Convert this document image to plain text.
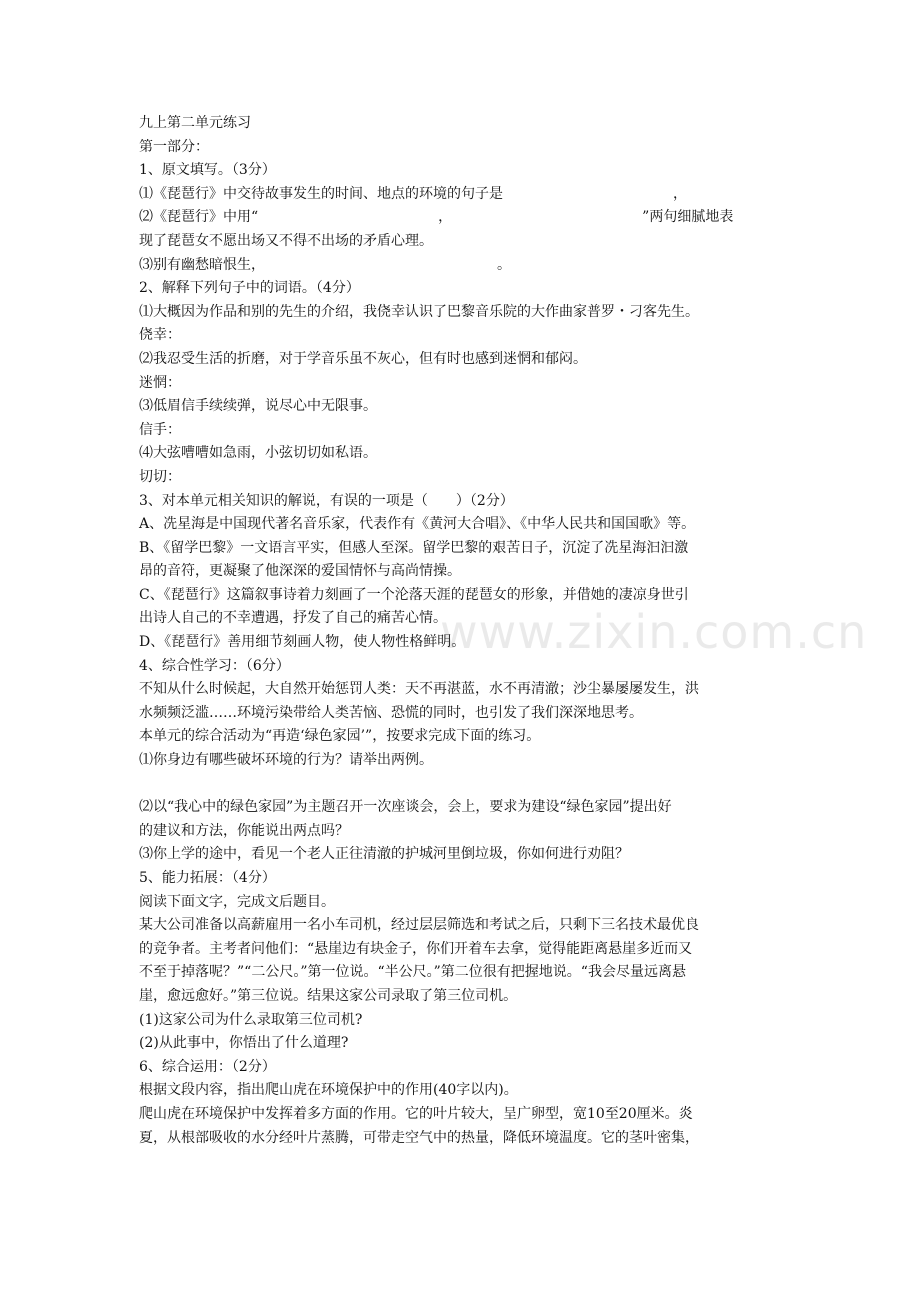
www.zixin.com.cn
九上第二单元练习
第一部分：
1、原文填写。（3分）
⑴《琵琶行》中交待故事发生的时间、地点的环境的句子是	，
⑵《琵琶行》中用“	，	”两句细腻地表
现了琵琶女不愿出场又不得不出场的矛盾心理。
⑶别有幽愁暗恨生，	。
2、解释下列句子中的词语。（4分）
⑴大概因为作品和别的先生的介绍，我侥幸认识了巴黎音乐院的大作曲家普罗・刁客先生。
侥幸：
⑵我忍受生活的折磨，对于学音乐虽不灰心，但有时也感到迷惘和郁闷。
迷惘：
⑶低眉信手续续弹，说尽心中无限事。
信手：
⑷大弦嘈嘈如急雨，小弦切切如私语。
切切：
3、对本单元相关知识的解说，有误的一项是（　　）（2分）
A、冼星海是中国现代著名音乐家，代表作有《黄河大合唱》、《中华人民共和国国歌》等。
B、《留学巴黎》一文语言平实，但感人至深。留学巴黎的艰苦日子，沉淀了冼星海汩汩激
昂的音符，更凝聚了他深深的爱国情怀与高尚情操。
C、《琵琶行》这篇叙事诗着力刻画了一个沦落天涯的琵琶女的形象，并借她的凄凉身世引
出诗人自己的不幸遭遇，抒发了自己的痛苦心情。
D、《琵琶行》善用细节刻画人物，使人物性格鲜明。
4、综合性学习：（6分）
不知从什么时候起，大自然开始惩罚人类：天不再湛蓝，水不再清澈；沙尘暴屡屡发生，洪
水频频泛滥……环境污染带给人类苦恼、恐慌的同时，也引发了我们深深地思考。
本单元的综合活动为“再造‘绿色家园’”，按要求完成下面的练习。
⑴你身边有哪些破坏环境的行为？请举出两例。
⑵以“我心中的绿色家园”为主题召开一次座谈会，会上，要求为建设“绿色家园”提出好
的建议和方法，你能说出两点吗？
⑶你上学的途中，看见一个老人正往清澈的护城河里倒垃圾，你如何进行劝阻？
5、能力拓展：（4分）
阅读下面文字，完成文后题目。
某大公司准备以高薪雇用一名小车司机，经过层层筛选和考试之后，只剩下三名技术最优良
的竞争者。主考者问他们：“悬崖边有块金子，你们开着车去拿，觉得能距离悬崖多近而又
不至于掉落呢？”“二公尺。”第一位说。“半公尺。”第二位很有把握地说。“我会尽量远离悬
崖，愈远愈好。”第三位说。结果这家公司录取了第三位司机。
(1)这家公司为什么录取第三位司机?
(2)从此事中，你悟出了什么道理?
6、综合运用：（2分）
根据文段内容，指出爬山虎在环境保护中的作用(40字以内)。
爬山虎在环境保护中发挥着多方面的作用。它的叶片较大，呈广卵型，宽10至20厘米。炎
夏，从根部吸收的水分经叶片蒸腾，可带走空气中的热量，降低环境温度。它的茎叶密集，
